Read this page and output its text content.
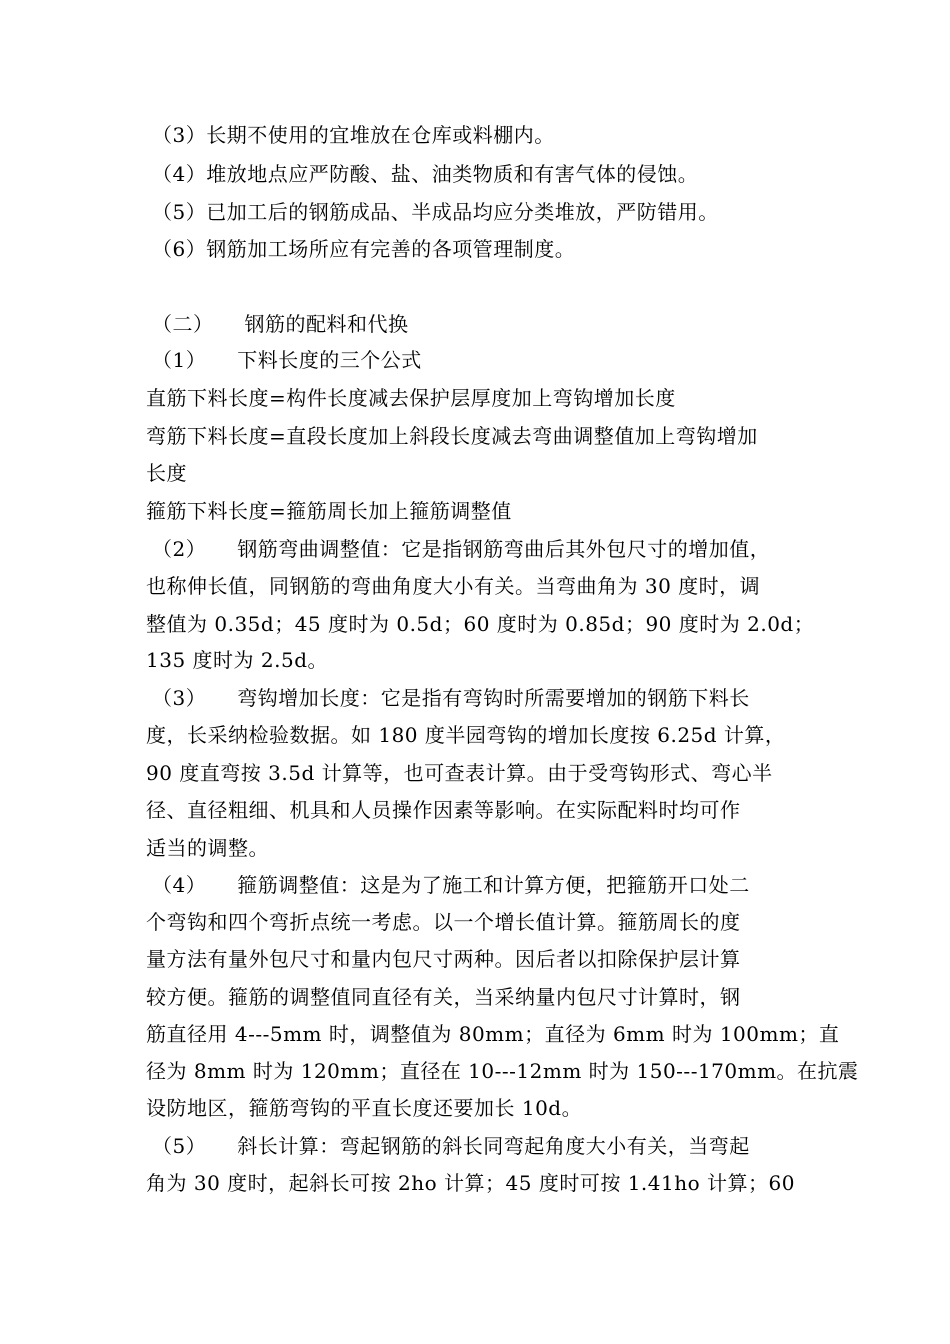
（3）长期不使用的宜堆放在仓库或料棚内。
（4）堆放地点应严防酸、盐、油类物质和有害气体的侵蚀。
（5）已加工后的钢筋成品、半成品均应分类堆放，严防错用。
（6）钢筋加工场所应有完善的各项管理制度。
（二）　　钢筋的配料和代换
（1）　　下料长度的三个公式
直筋下料长度=构件长度减去保护层厚度加上弯钩增加长度
弯筋下料长度=直段长度加上斜段长度减去弯曲调整值加上弯钩增加
长度
箍筋下料长度=箍筋周长加上箍筋调整值
（2）　　钢筋弯曲调整值：它是指钢筋弯曲后其外包尺寸的增加值，
也称伸长值，同钢筋的弯曲角度大小有关。当弯曲角为 30 度时，调
整值为 0.35d；45 度时为 0.5d；60 度时为 0.85d；90 度时为 2.0d；
135 度时为 2.5d。
（3）　　弯钩增加长度：它是指有弯钩时所需要增加的钢筋下料长
度，长采纳检验数据。如 180 度半园弯钩的增加长度按 6.25d 计算，
90 度直弯按 3.5d 计算等，也可查表计算。由于受弯钩形式、弯心半
径、直径粗细、机具和人员操作因素等影响。在实际配料时均可作
适当的调整。
（4）　　箍筋调整值：这是为了施工和计算方便，把箍筋开口处二
个弯钩和四个弯折点统一考虑。以一个增长值计算。箍筋周长的度
量方法有量外包尺寸和量内包尺寸两种。因后者以扣除保护层计算
较方便。箍筋的调整值同直径有关，当采纳量内包尺寸计算时，钢
筋直径用 4---5mm 时，调整值为 80mm；直径为 6mm 时为 100mm；直
径为 8mm 时为 120mm；直径在 10---12mm 时为 150---170mm。在抗震
设防地区，箍筋弯钩的平直长度还要加长 10d。
（5）　　斜长计算：弯起钢筋的斜长同弯起角度大小有关，当弯起
角为 30 度时，起斜长可按 2ho 计算；45 度时可按 1.41ho 计算；60
